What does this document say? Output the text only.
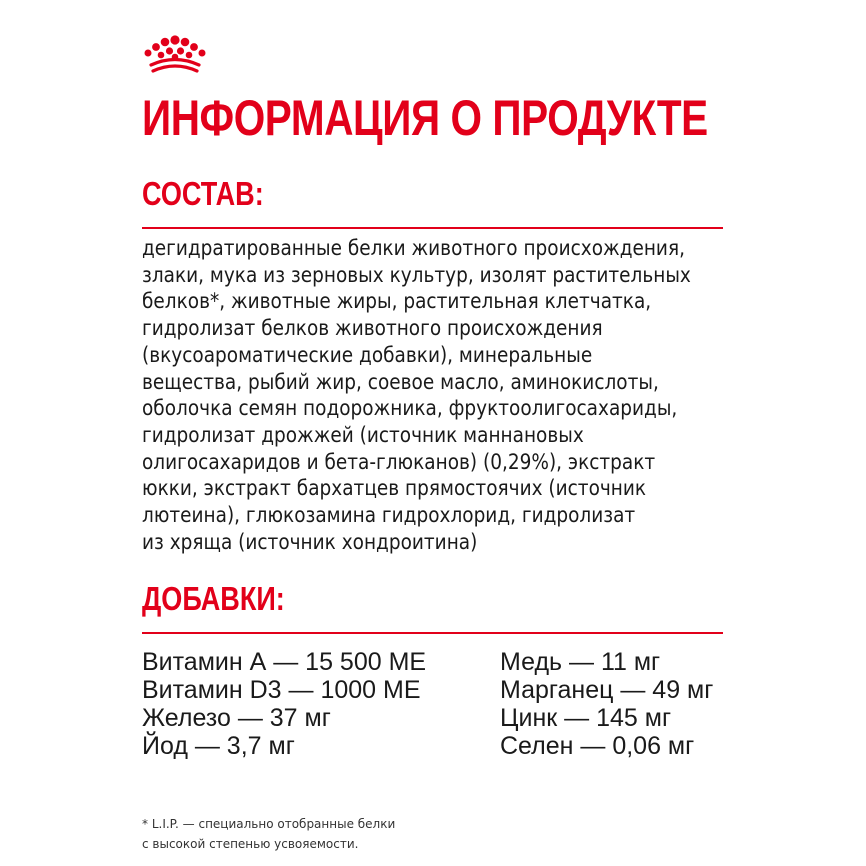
ИНФОРМАЦИЯ О ПРОДУКТЕ
СОСТАВ:

дегидратированные белки животного происхождения,
злаки, мука из зерновых культур, изолят растительных
белков*, животные жиры, растительная клетчатка,
гидролизат белков животного происхождения
(вкусоароматические добавки), минеральные
вещества, рыбий жир, соевое масло, аминокислоты,
оболочка семян подорожника, фруктоолигосахариды,
гидролизат дрожжей (источник маннановых
олигосахаридов и бета-глюканов) (0,29%), экстракт
юкки, экстракт бархатцев прямостоячих (источник
лютеина), глюкозамина гидрохлорид, гидролизат
из хряща (источник хондроитина)

ДОБАВКИ:
Витамин А — 15 500 МЕ
Витамин D3 — 1000 МЕ
Железо — 37 мг
Йод — 3,7 мг
Медь — 11 мг
Марганец — 49 мг
Цинк — 145 мг
Селен — 0,06 мг

* L.I.P. — специально отобранные белки
с высокой степенью усвояемости.
